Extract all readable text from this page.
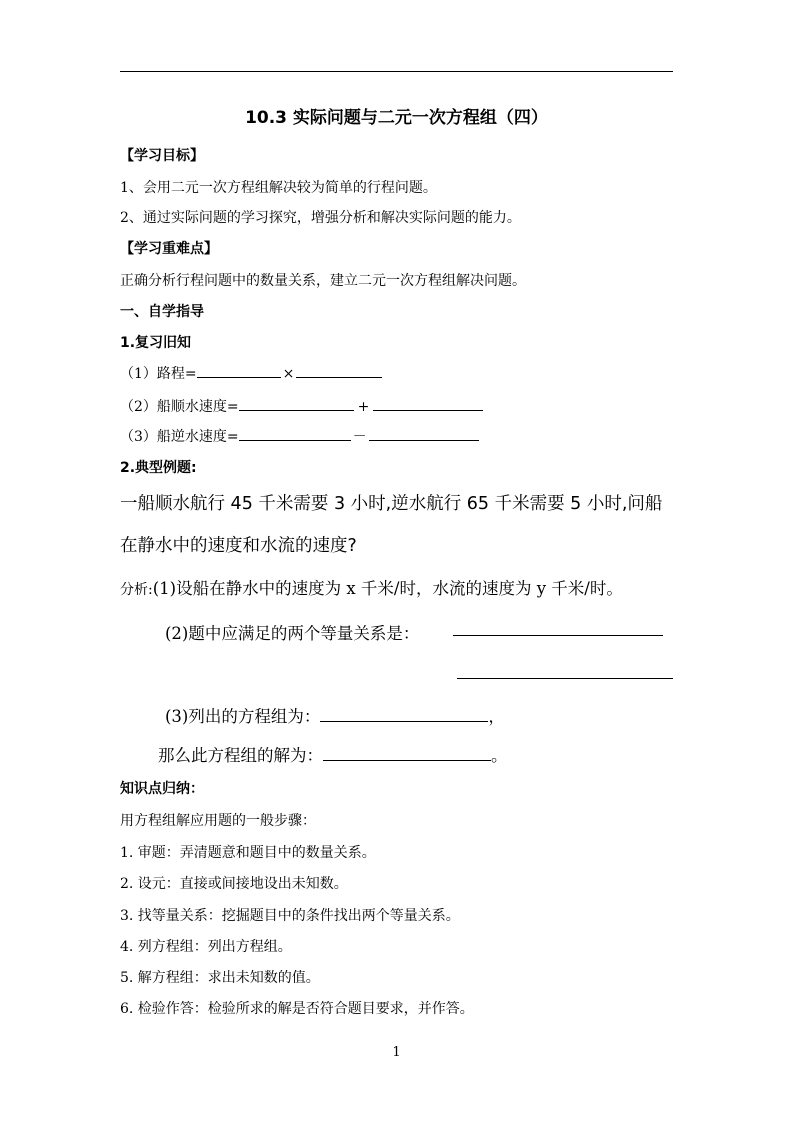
10.3 实际问题与二元一次方程组（四）
【学习目标】
1、会用二元一次方程组解决较为简单的行程问题。
2、通过实际问题的学习探究，增强分析和解决实际问题的能力。
【学习重难点】
正确分析行程问题中的数量关系，建立二元一次方程组解决问题。
一、自学指导
1.复习旧知
（1）路程=	×
（2）船顺水速度=	+
（3）船逆水速度=	－
2.典型例题:
一船顺水航行 45 千米需要 3 小时,逆水航行 65 千米需要 5 小时,问船
在静水中的速度和水流的速度?
分析:(1)设船在静水中的速度为 x 千米/时，水流的速度为 y 千米/时。
(2)题中应满足的两个等量关系是：
(3)列出的方程组为：	，
那么此方程组的解为：	。
知识点归纳：
用方程组解应用题的一般步骤：
1. 审题：弄清题意和题目中的数量关系。
2. 设元：直接或间接地设出未知数。
3. 找等量关系：挖掘题目中的条件找出两个等量关系。
4. 列方程组：列出方程组。
5. 解方程组：求出未知数的值。
6. 检验作答：检验所求的解是否符合题目要求，并作答。
1
